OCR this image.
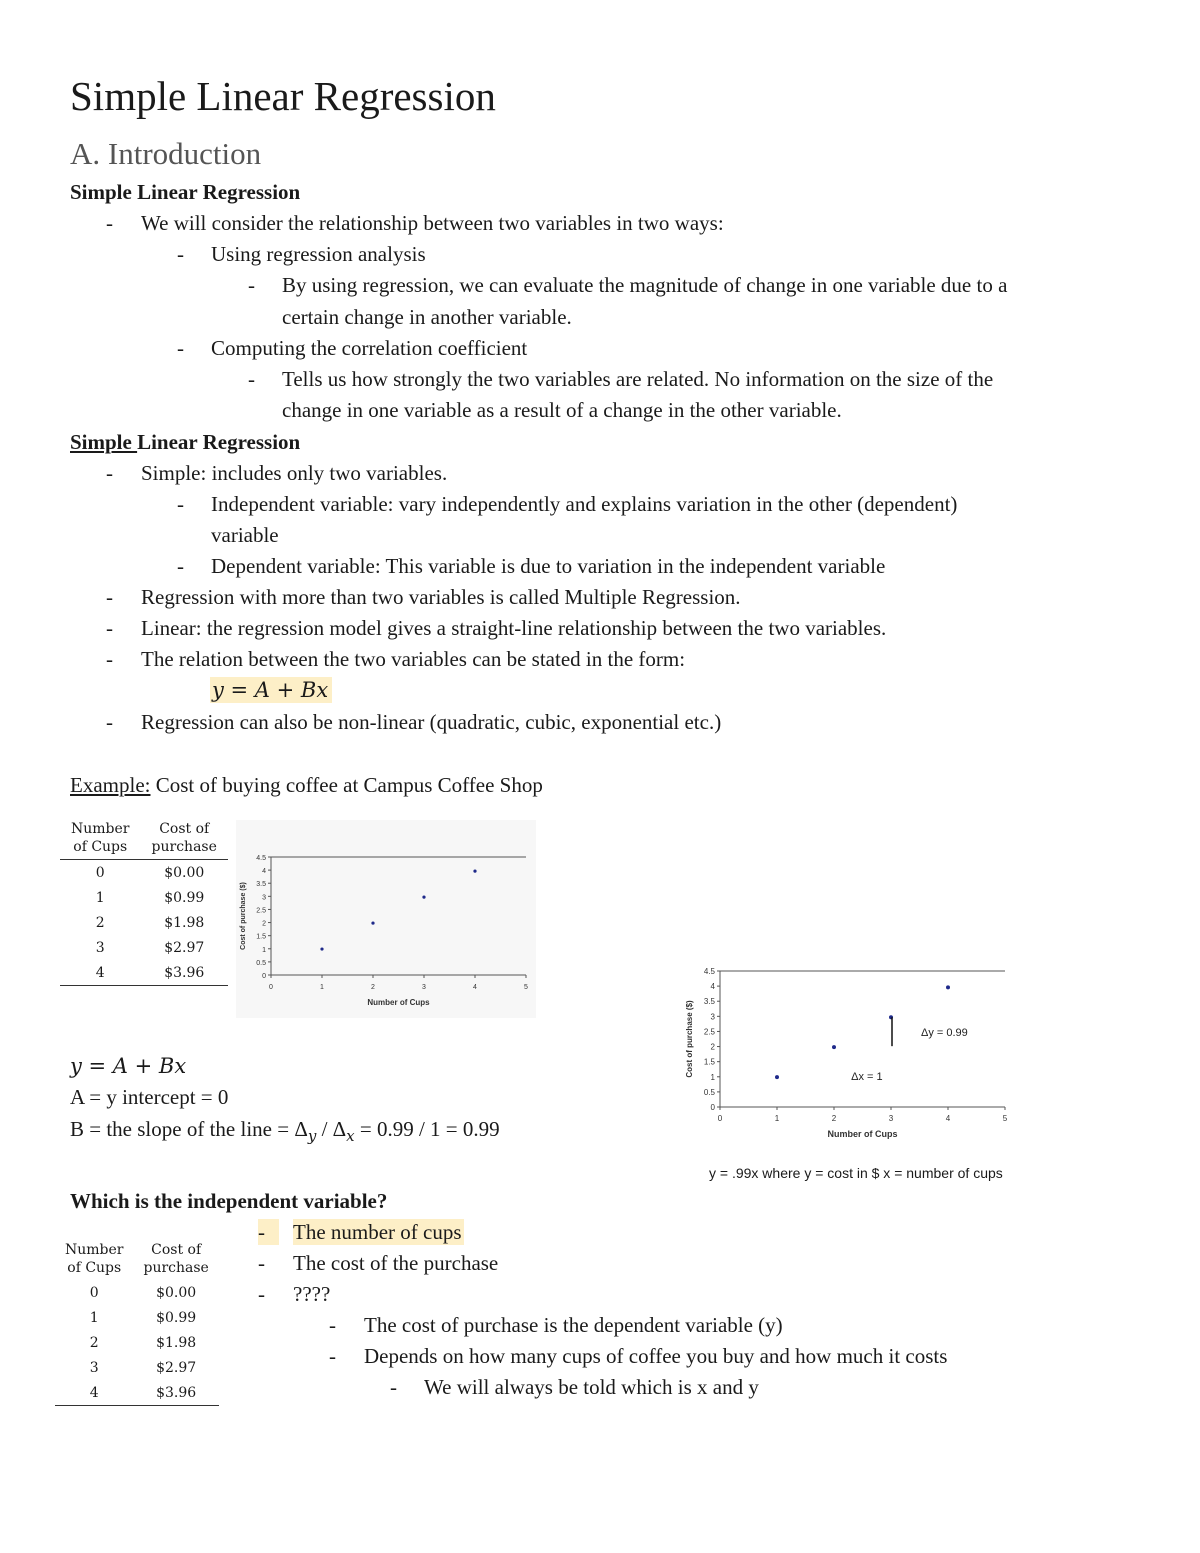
Simple Linear Regression
A. Introduction
Simple Linear Regression
- We will consider the relationship between two variables in two ways:
- Using regression analysis
- By using regression, we can evaluate the magnitude of change in one variable due to a
certain change in another variable.
- Computing the correlation coefficient
- Tells us how strongly the two variables are related. No information on the size of the
change in one variable as a result of a change in the other variable.
Simple Linear Regression
- Simple: includes only two variables.
- Independent variable: vary independently and explains variation in the other (dependent)
variable
- Dependent variable: This variable is due to variation in the independent variable
- Regression with more than two variables is called Multiple Regression.
- Linear: the regression model gives a straight-line relationship between the two variables.
- The relation between the two variables can be stated in the form:
y = A + Bx
- Regression can also be non-linear (quadratic, cubic, exponential etc.)
Example: Cost of buying coffee at Campus Coffee Shop
Number
of Cups	Cost of
purchase
0	$0.00
1	$0.99
2	$1.98
3	$2.97
4	$3.96
0	1	2	3	4	5
0
0.5
1
1.5
2
2.5
3
3.5
4
4.5
Number of Cups
Cost of purchase ($)
0	1	2	3	4	5
0
0.5
1
1.5
2
2.5
3
3.5
4
4.5
Number of Cups
Cost of purchase ($)	Δy = 0.99
Δx = 1
y = .99x where y = cost in $ x = number of cups
y = A + Bx
A = y intercept = 0
B = the slope of the line = $\Delta_y / \Delta_x = 0.99 / 1 = 0.99$
Which is the independent variable?
Number
of Cups	Cost of
purchase
0	$0.00
1	$0.99
2	$1.98
3	$2.97
4	$3.96
-	The number of cups
- The cost of the purchase
- ????
- The cost of purchase is the dependent variable (y)
- Depends on how many cups of coffee you buy and how much it costs
- We will always be told which is x and y
